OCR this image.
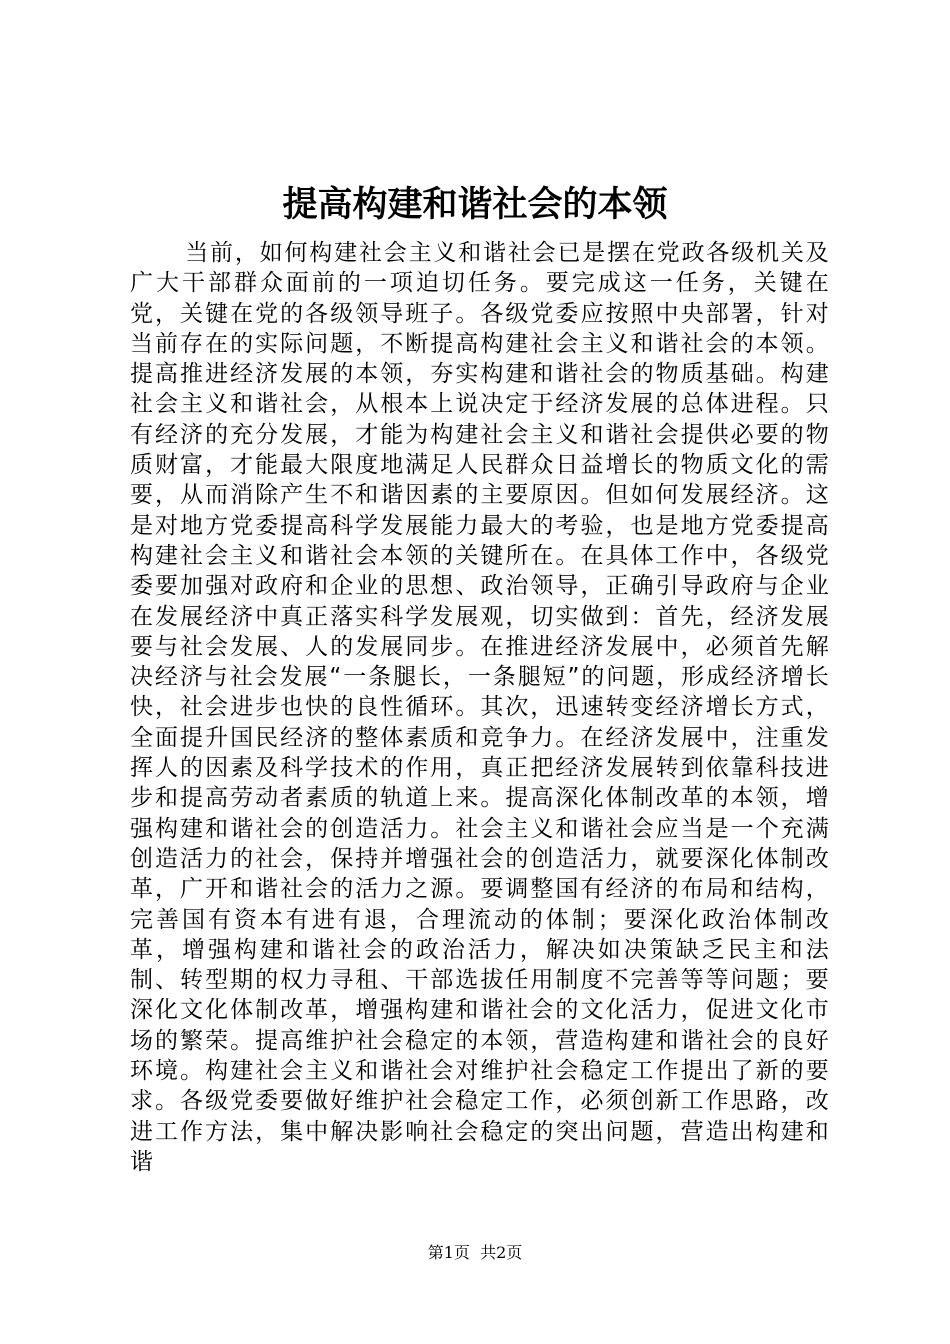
提高构建和谐社会的本领

当前，如何构建社会主义和谐社会已是摆在党政各级机关及广大干部群众面前的一项迫切任务。要完成这一任务，关键在党，关键在党的各级领导班子。各级党委应按照中央部署，针对当前存在的实际问题，不断提高构建社会主义和谐社会的本领。提高推进经济发展的本领，夯实构建和谐社会的物质基础。构建社会主义和谐社会，从根本上说决定于经济发展的总体进程。只有经济的充分发展，才能为构建社会主义和谐社会提供必要的物质财富，才能最大限度地满足人民群众日益增长的物质文化的需要，从而消除产生不和谐因素的主要原因。但如何发展经济。这是对地方党委提高科学发展能力最大的考验，也是地方党委提高构建社会主义和谐社会本领的关键所在。在具体工作中，各级党委要加强对政府和企业的思想、政治领导，正确引导政府与企业在发展经济中真正落实科学发展观，切实做到：首先，经济发展要与社会发展、人的发展同步。在推进经济发展中，必须首先解决经济与社会发展“一条腿长，一条腿短”的问题，形成经济增长快，社会进步也快的良性循环。其次，迅速转变经济增长方式，全面提升国民经济的整体素质和竞争力。在经济发展中，注重发挥人的因素及科学技术的作用，真正把经济发展转到依靠科技进步和提高劳动者素质的轨道上来。提高深化体制改革的本领，增强构建和谐社会的创造活力。社会主义和谐社会应当是一个充满创造活力的社会，保持并增强社会的创造活力，就要深化体制改革，广开和谐社会的活力之源。要调整国有经济的布局和结构，完善国有资本有进有退，合理流动的体制；要深化政治体制改革，增强构建和谐社会的政治活力，解决如决策缺乏民主和法制、转型期的权力寻租、干部选拔任用制度不完善等等问题；要深化文化体制改革，增强构建和谐社会的文化活力，促进文化市场的繁荣。提高维护社会稳定的本领，营造构建和谐社会的良好环境。构建社会主义和谐社会对维护社会稳定工作提出了新的要求。各级党委要做好维护社会稳定工作，必须创新工作思路，改进工作方法，集中解决影响社会稳定的突出问题，营造出构建和谐

第1页  共2页
